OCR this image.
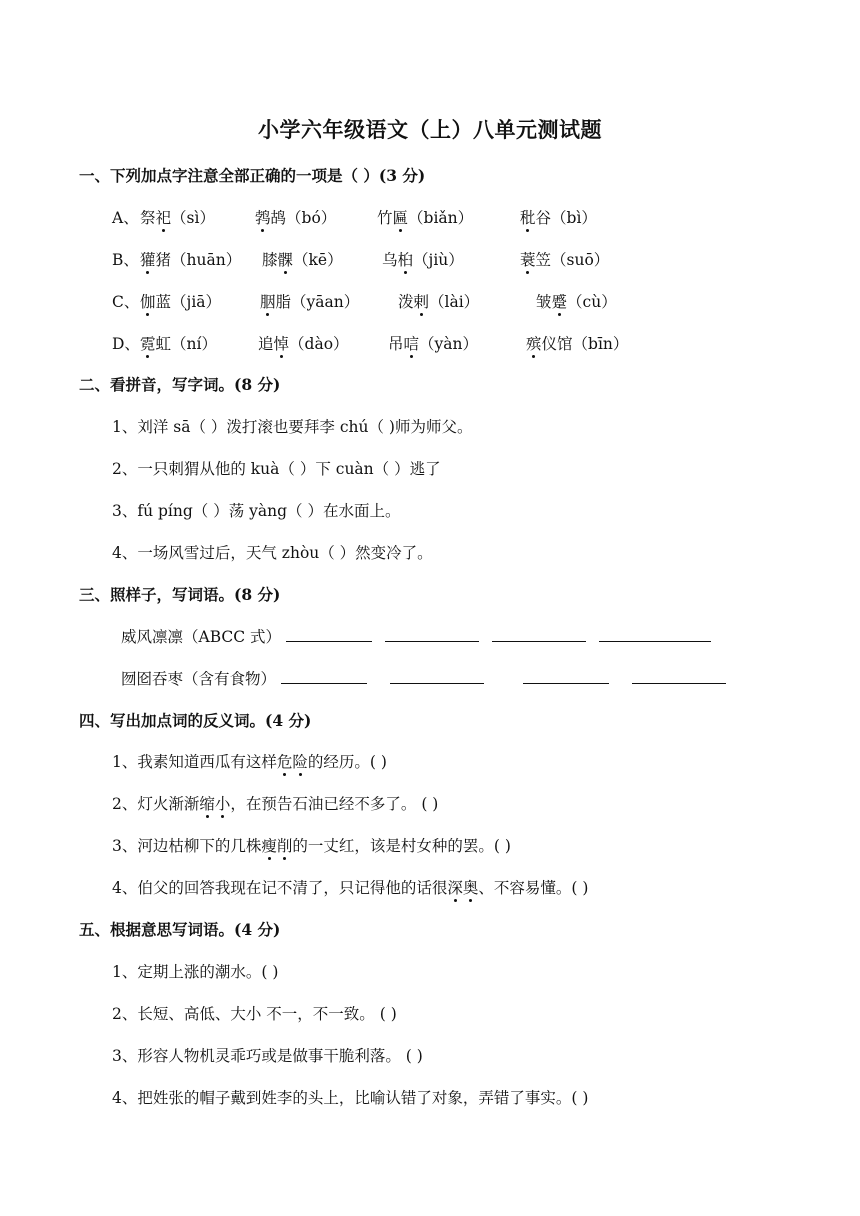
小学六年级语文（上）八单元测试题
一、下列加点字注意全部正确的一项是（ ）(3 分)
A、 祭祀（sì）	鹁鸪（bó）	竹匾（biǎn）	秕谷（bì）
B、 獾猪（huān） 膝髁（kē）	乌桕（jiù）	蓑笠（suō）
C、 伽蓝（jiā）	胭脂（yāan） 泼剌（lài）	皱蹙（cù）
D、 霓虹（ní）	追悼（dào）	吊唁（yàn）	殡仪馆（bīn）
二、看拼音，写字词。(8 分)
1、刘洋 sā（ ）泼打滚也要拜李 chú（ )师为师父。
2、一只刺猬从他的 kuà（ ）下 cuàn（ ）逃了
3、fú píng（ ）荡 yàng（ ）在水面上。
4、一场风雪过后，天气 zhòu（ ）然变冷了。
三、照样子，写词语。(8 分)
威风凛凛（ABCC 式）
囫囵吞枣（含有食物）
四、写出加点词的反义词。(4 分)
1、我素知道西瓜有这样危险的经历。( )
2、灯火渐渐缩小，在预告石油已经不多了。 ( )
3、河边枯柳下的几株瘦削的一丈红，该是村女种的罢。( )
4、伯父的回答我现在记不清了，只记得他的话很深奥、不容易懂。( )
五、根据意思写词语。(4 分)
1、定期上涨的潮水。( )
2、长短、高低、大小 不一，不一致。 ( )
3、形容人物机灵乖巧或是做事干脆利落。 ( )
4、把姓张的帽子戴到姓李的头上，比喻认错了对象，弄错了事实。( )
